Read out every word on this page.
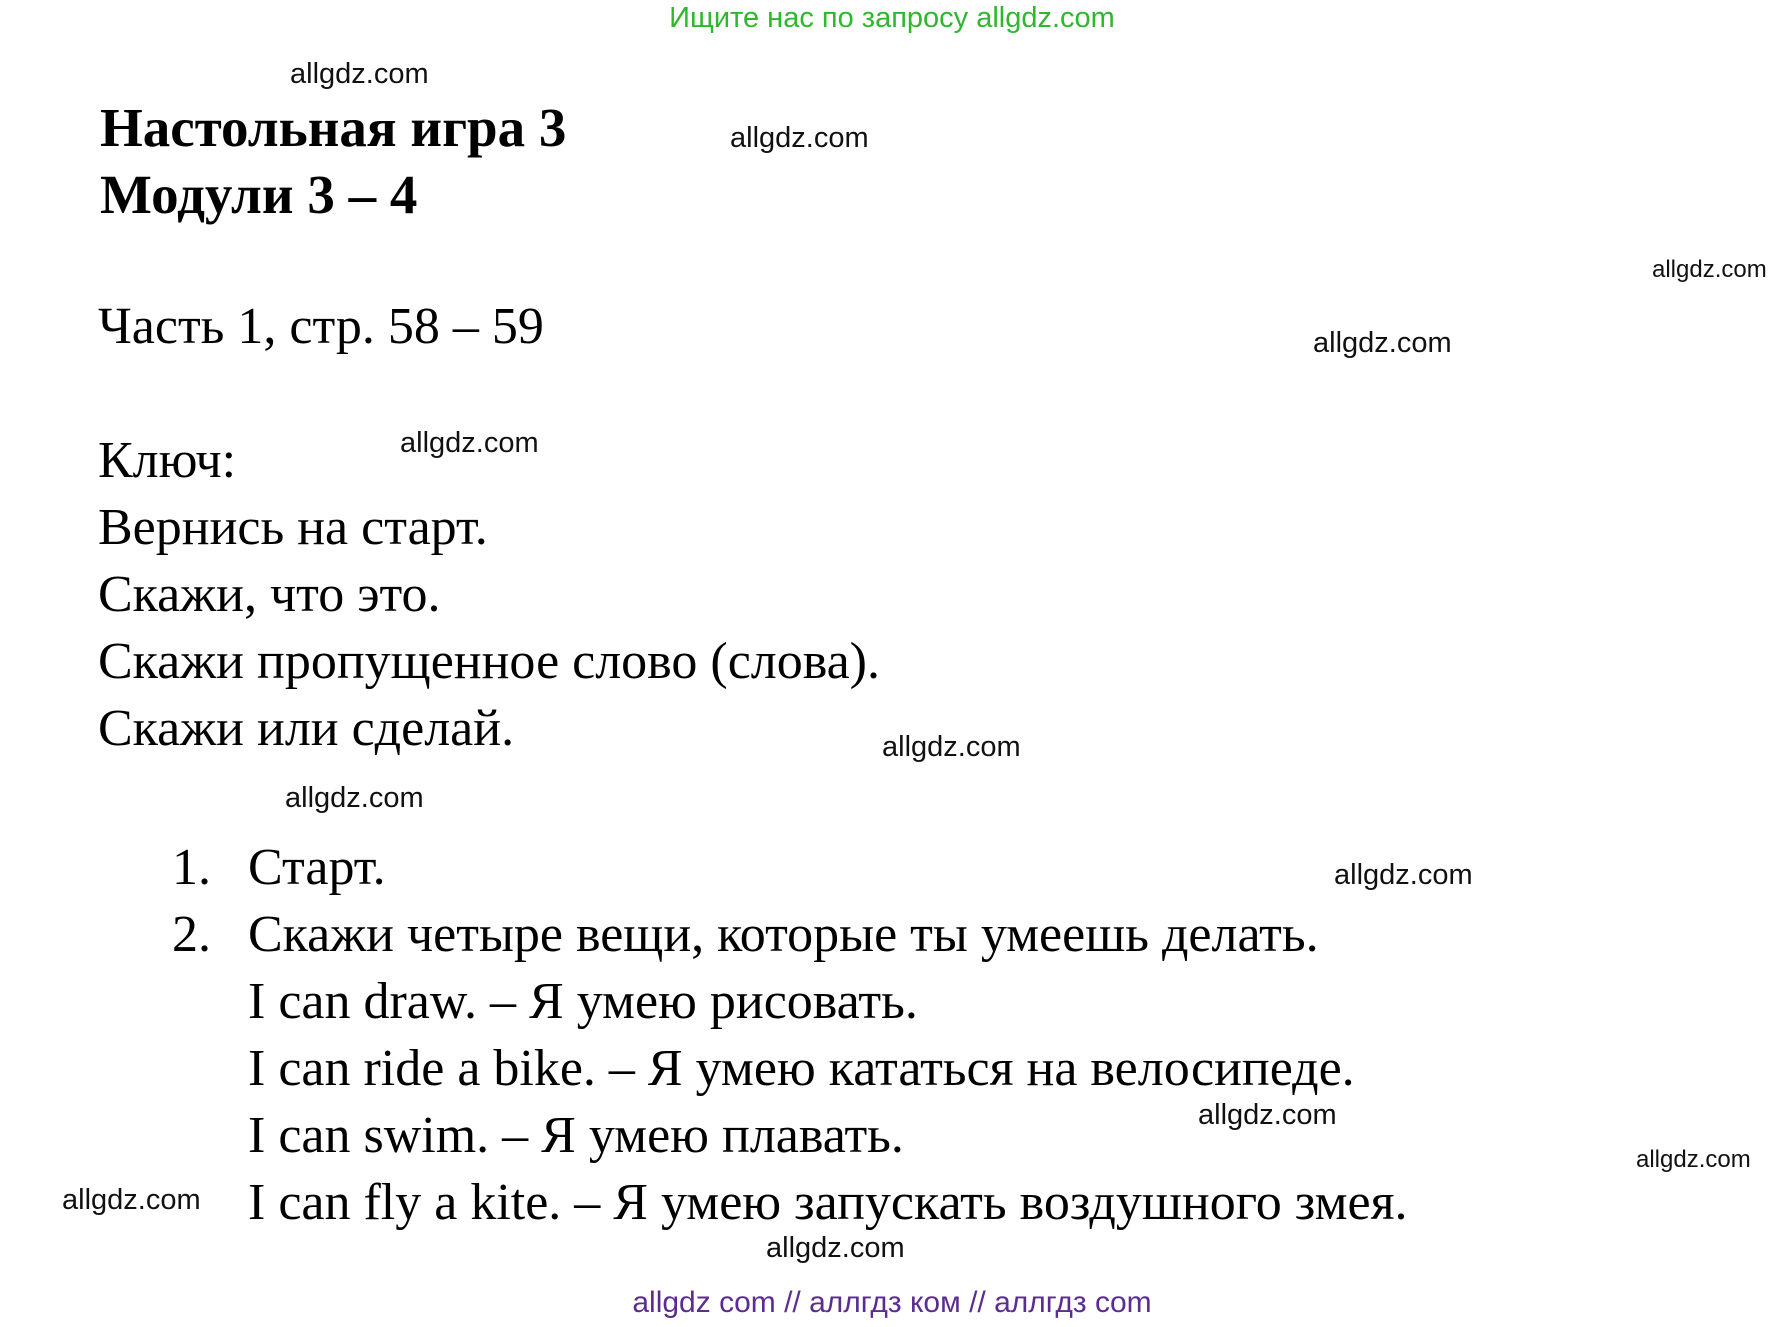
Ищите нас по запросу allgdz.com
allgdz.com
allgdz.com
allgdz.com
allgdz.com
allgdz.com
allgdz.com
allgdz.com
allgdz.com
allgdz.com
allgdz.com
allgdz.com
allgdz.com
Настольная игра 3
Модули 3 – 4
Часть 1, стр. 58 – 59
Ключ:
Вернись на старт.
Скажи, что это.
Скажи пропущенное слово (слова).
Скажи или сделай.
1. Старт.
2. Скажи четыре вещи, которые ты умеешь делать.
I can draw. – Я умею рисовать.
I can ride a bike. – Я умею кататься на велосипеде.
I can swim. – Я умею плавать.
I can fly a kite. – Я умею запускать воздушного змея.
allgdz com // аллгдз ком // аллгдз com
